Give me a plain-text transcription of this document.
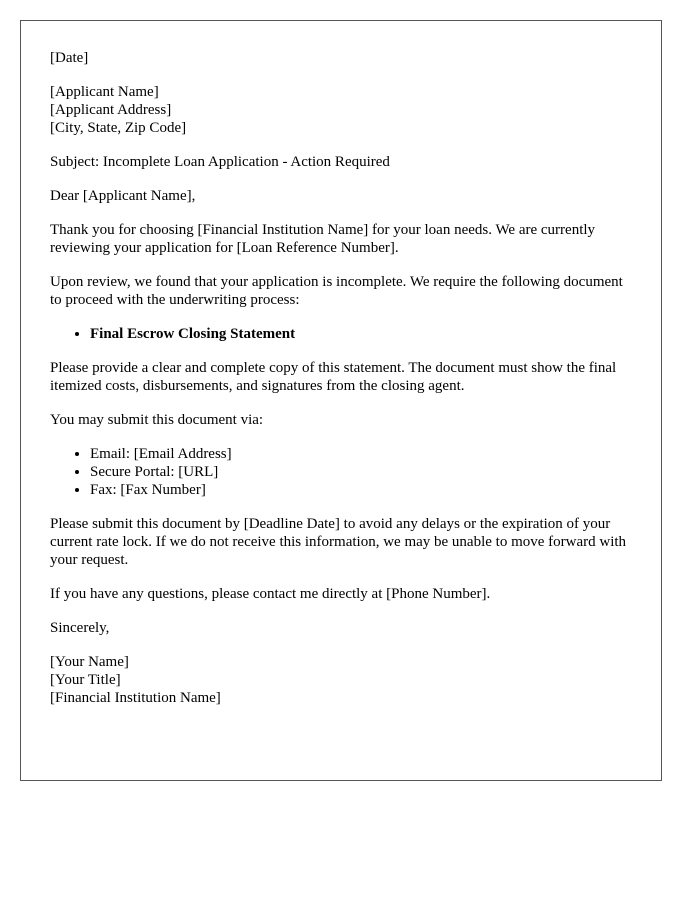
[Date]

[Applicant Name]
[Applicant Address]
[City, State, Zip Code]

Subject: Incomplete Loan Application - Action Required

Dear [Applicant Name],

Thank you for choosing [Financial Institution Name] for your loan needs. We are currently reviewing your application for [Loan Reference Number].

Upon review, we found that your application is incomplete. We require the following document to proceed with the underwriting process:

• Final Escrow Closing Statement

Please provide a clear and complete copy of this statement. The document must show the final itemized costs, disbursements, and signatures from the closing agent.

You may submit this document via:

• Email: [Email Address]
• Secure Portal: [URL]
• Fax: [Fax Number]

Please submit this document by [Deadline Date] to avoid any delays or the expiration of your current rate lock. If we do not receive this information, we may be unable to move forward with your request.

If you have any questions, please contact me directly at [Phone Number].

Sincerely,

[Your Name]
[Your Title]
[Financial Institution Name]
